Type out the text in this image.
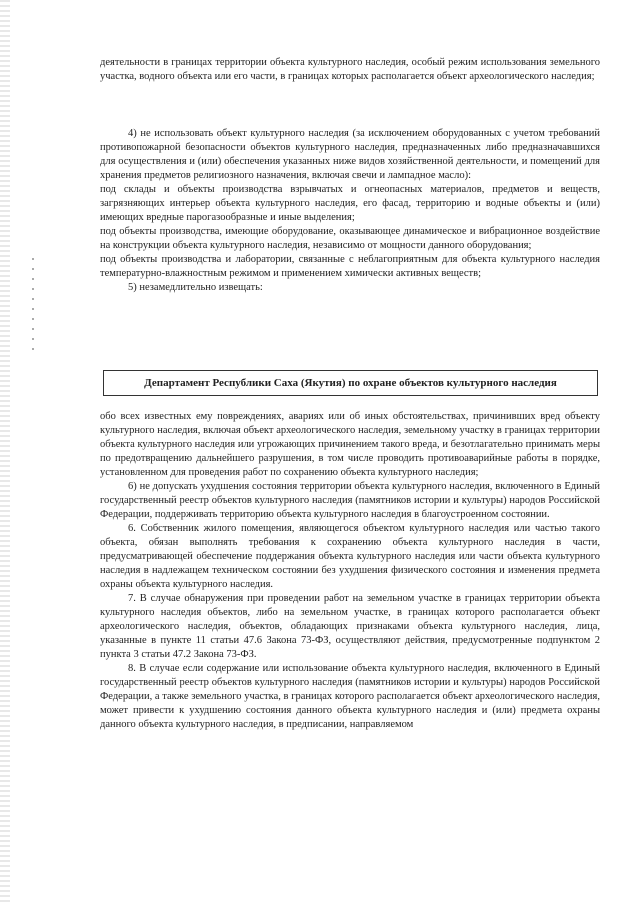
деятельности в границах территории объекта культурного наследия, особый режим использования земельного участка, водного объекта или его части, в границах которых располагается объект археологического наследия;

4) не использовать объект культурного наследия (за исключением оборудованных с учетом требований противопожарной безопасности объектов культурного наследия, предназначенных либо предназначавшихся для осуществления и (или) обеспечения указанных ниже видов хозяйственной деятельности, и помещений для хранения предметов религиозного назначения, включая свечи и лампадное масло):

под склады и объекты производства взрывчатых и огнеопасных материалов, предметов и веществ, загрязняющих интерьер объекта культурного наследия, его фасад, территорию и водные объекты и (или) имеющих вредные парогазообразные и иные выделения;

под объекты производства, имеющие оборудование, оказывающее динамическое и вибрационное воздействие на конструкции объекта культурного наследия, независимо от мощности данного оборудования;

под объекты производства и лаборатории, связанные с неблагоприятным для объекта культурного наследия температурно-влажностным режимом и применением химически активных веществ;

5) незамедлительно извещать:

Департамент Республики Саха (Якутия) по охране объектов культурного наследия

обо всех известных ему повреждениях, авариях или об иных обстоятельствах, причинивших вред объекту культурного наследия, включая объект археологического наследия, земельному участку в границах территории объекта культурного наследия или угрожающих причинением такого вреда, и безотлагательно принимать меры по предотвращению дальнейшего разрушения, в том числе проводить противоаварийные работы в порядке, установленном для проведения работ по сохранению объекта культурного наследия;

6) не допускать ухудшения состояния территории объекта культурного наследия, включенного в Единый государственный реестр объектов культурного наследия (памятников истории и культуры) народов Российской Федерации, поддерживать территорию объекта культурного наследия в благоустроенном состоянии.

6. Собственник жилого помещения, являющегося объектом культурного наследия или частью такого объекта, обязан выполнять требования к сохранению объекта культурного наследия в части, предусматривающей обеспечение поддержания объекта культурного наследия или части объекта культурного наследия в надлежащем техническом состоянии без ухудшения физического состояния и изменения предмета охраны объекта культурного наследия.

7. В случае обнаружения при проведении работ на земельном участке в границах территории объекта культурного наследия объектов, либо на земельном участке, в границах которого располагается объект археологического наследия, объектов, обладающих признаками объекта культурного наследия, лица, указанные в пункте 11 статьи 47.6 Закона 73-ФЗ, осуществляют действия, предусмотренные подпунктом 2 пункта 3 статьи 47.2 Закона 73-ФЗ.

8. В случае если содержание или использование объекта культурного наследия, включенного в Единый государственный реестр объектов культурного наследия (памятников истории и культуры) народов Российской Федерации, а также земельного участка, в границах которого располагается объект археологического наследия, может привести к ухудшению состояния данного объекта культурного наследия и (или) предмета охраны данного объекта культурного наследия, в предписании, направляемом
